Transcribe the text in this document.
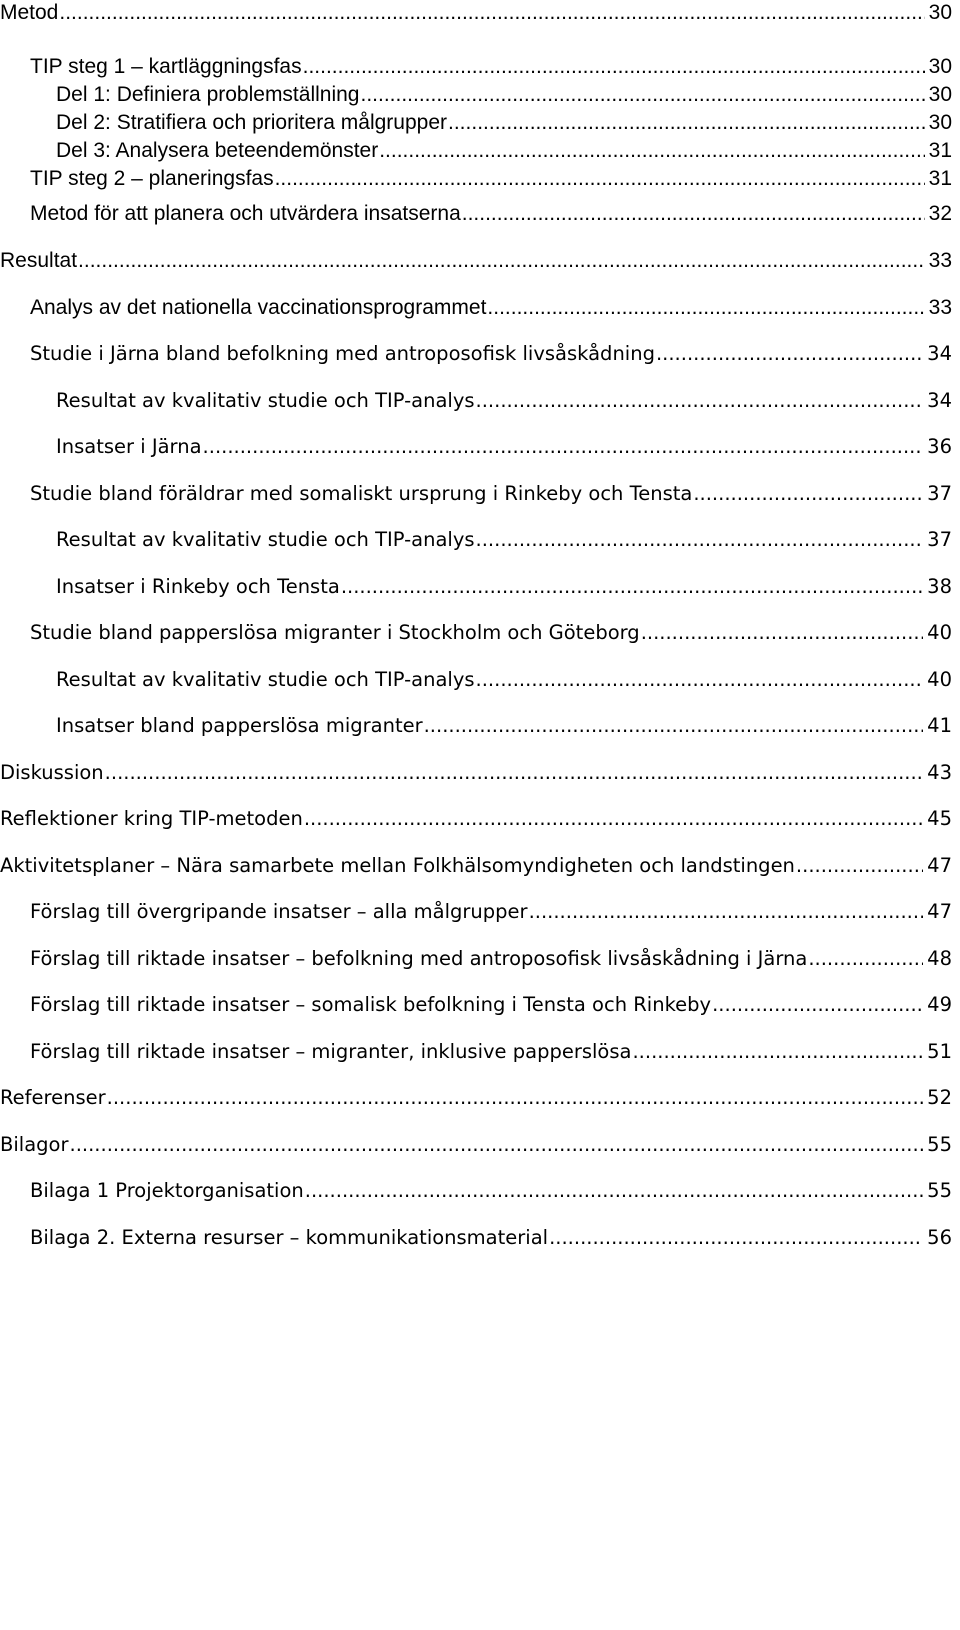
Metod .....	30
TIP steg 1 – kartläggningsfas .....	30
Del 1: Definiera problemställning .....	30
Del 2: Stratifiera och prioritera målgrupper .....	30
Del 3: Analysera beteendemönster .....	31
TIP steg 2 – planeringsfas .....	31
Metod för att planera och utvärdera insatserna .....	32
Resultat .....	33
Analys av det nationella vaccinationsprogrammet .....	33
Studie i Järna bland befolkning med antroposofisk livsåskådning .....	34
Resultat av kvalitativ studie och TIP-analys .....	34
Insatser i Järna .....	36
Studie bland föräldrar med somaliskt ursprung i Rinkeby och Tensta .....	37
Resultat av kvalitativ studie och TIP-analys .....	37
Insatser i Rinkeby och Tensta .....	38
Studie bland papperslösa migranter i Stockholm och Göteborg .....	40
Resultat av kvalitativ studie och TIP-analys .....	40
Insatser bland papperslösa migranter .....	41
Diskussion .....	43
Reflektioner kring TIP-metoden .....	45
Aktivitetsplaner – Nära samarbete mellan Folkhälsomyndigheten och landstingen .....	47
Förslag till övergripande insatser – alla målgrupper .....	47
Förslag till riktade insatser – befolkning med antroposofisk livsåskådning i Järna .....	48
Förslag till riktade insatser – somalisk befolkning i Tensta och Rinkeby .....	49
Förslag till riktade insatser – migranter, inklusive papperslösa .....	51
Referenser .....	52
Bilagor .....	55
Bilaga 1 Projektorganisation .....	55
Bilaga 2. Externa resurser – kommunikationsmaterial .....	56
